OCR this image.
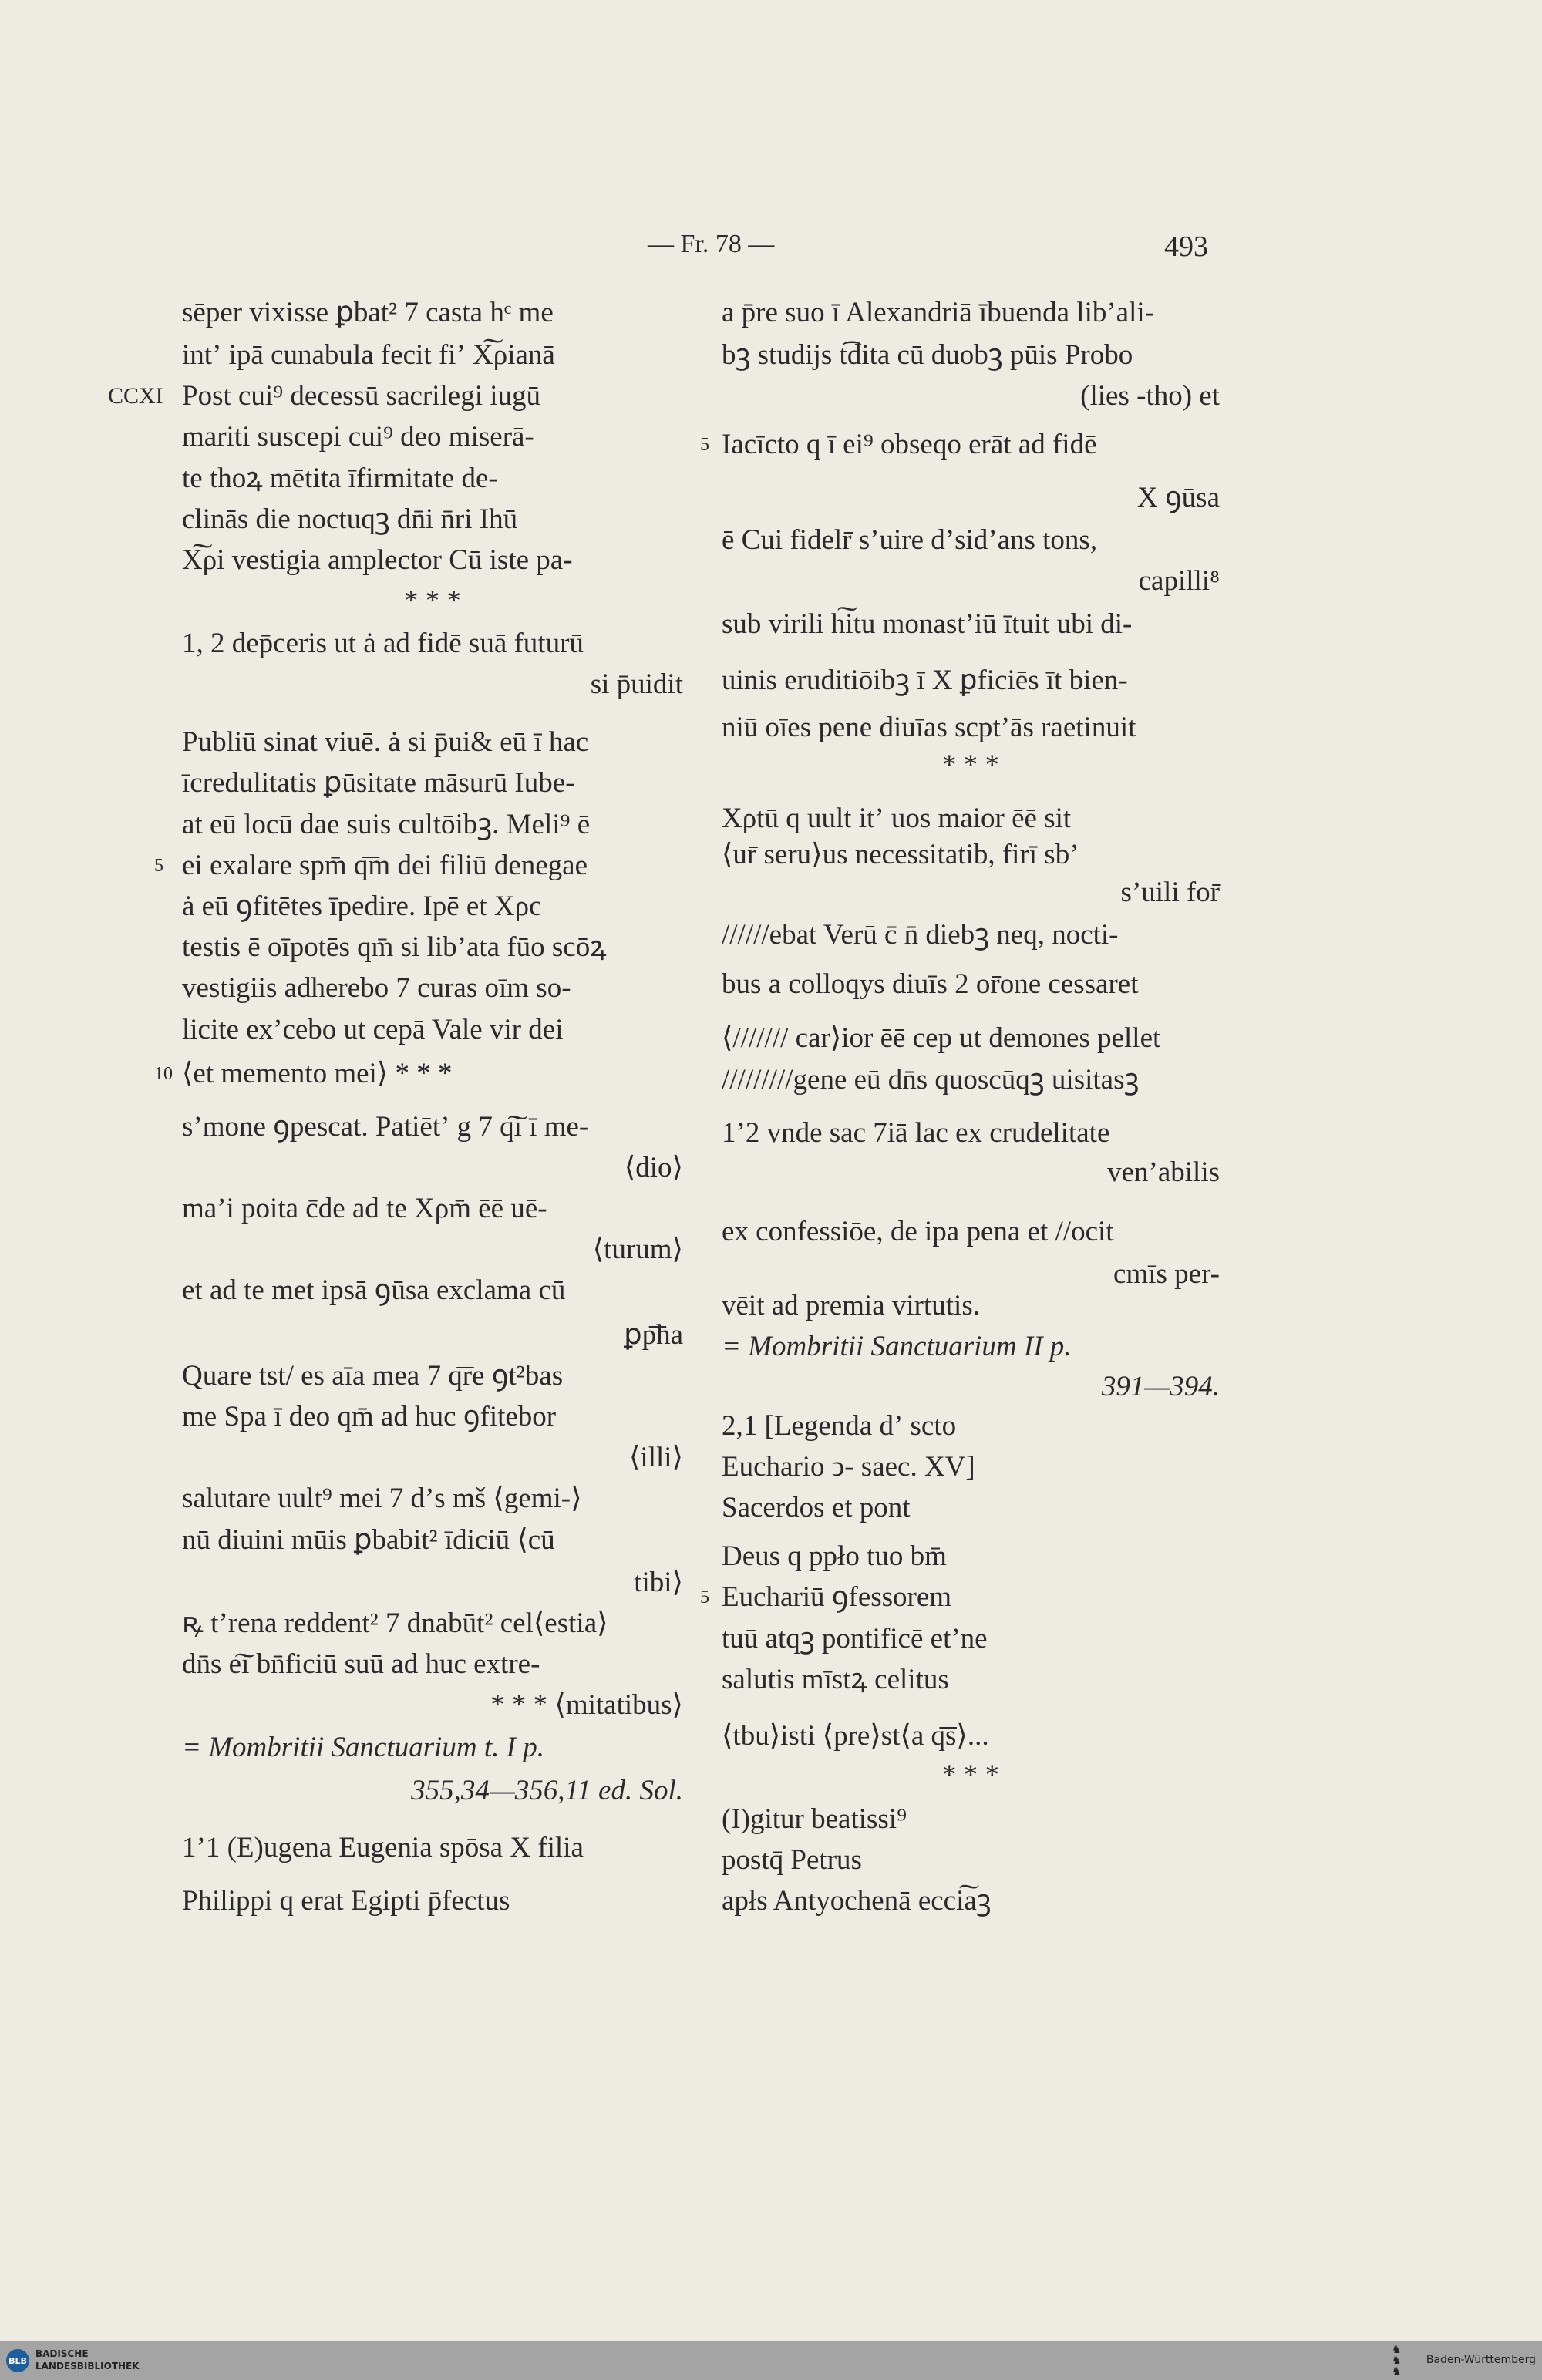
— Fr. 78 —	493
sēper vixisse ꝑbat² 7 casta hᶜ me
intʼ ipā cunabula fecit fiʼ X͠ρianā
Post cui⁹ decessū sacrilegi iugū
CCXI
mariti suscepi cui⁹ deo miserā-
te thoꝝ mētita īfirmitate de-
clinās die noctuqꝫ dn̄i n̄ri Ihū
X͠ρi vestigia amplector Cū iste pa-
* * *
1, 2 dep̄ceris ut ȧ ad fidē suā futurū
si p̄uidit
Publiū sinat viuē. ȧ si p̄ui& eū ī hac
īcredulitatis ꝑūsitate māsurū Iube-
at eū locū dae suis cultōibꝫ. Meli⁹ ē
ei exalare spm̄ q͞m dei filiū denegae
5
ȧ eū ꝯfitētes īpedire. Ipē et Xρc
testis ē oīpotēs qm̄ si libʼata fūo scōꝝ
vestigiis adherebo 7 curas oīm so-
licite exʼcebo ut cepā Vale vir dei
⟨et memento mei⟩ * * *
10
sʼmone ꝯpescat. Patiētʼ g 7 q͠i ī me-
⟨dio⟩
maʼi poita c̄de ad te Xρm̄ ēē uē-
⟨turum⟩
et ad te met ipsā ꝯūsa exclama cū
ꝑp͞ha
Quare tst/ es aīa mea 7 q͞re ꝯt²bas
me Spa ī deo qm̄ ad huc ꝯfitebor
⟨illi⟩
salutare uult⁹ mei 7 dʼs mš ⟨gemi-⟩
nū diuini mūis ꝑbabit² īdiciū ⟨cū
tibi⟩
ꝶ tʼrena reddent² 7 dnabūt² cel⟨estia⟩
dn̄s e͠i bn̄ficiū suū ad huc extre-
* * * ⟨mitatibus⟩
= Mombritii Sanctuarium t. I p.
355,34—356,11 ed. Sol.
1ʼ1 (E)ugena Eugenia spōsa X filia
Philippi q erat Egipti p̄fectus
a p̄re suo ī Alexandriā ībuenda libʼali-
bꝫ studijs t͡dita cū duobꝫ pūis Probo
(lies -tho) et
Iacīcto q ī ei⁹ obseqo erāt ad fidē
5
X ꝯūsa
ē Cui fidelr̄ sʼuire dʼsidʼans tons,
capilli⁸
sub virili h͠itu monastʼiū ītuit ubi di-
uinis eruditiōibꝫ ī X ꝑficiēs īt bien-
niū oīes pene diuīas scptʼās raetinuit
* * *
Xρtū q uult itʼ uos maior ēē sit
⟨ur̄ seru⟩us necessitatib, firī sbʼ
sʼuili for̄
//////ebat Verū c̄ n̄ diebꝫ neq, nocti-
bus a colloqys diuīs 2 or̄one cessaret
⟨/////// car⟩ior ēē cep ut demones pellet
/////////gene eū dn̄s quoscūqꝫ uisitasꝫ
1ʼ2 vnde sac 7iā lac ex crudelitate
venʼabilis
ex confessiōe, de ipa pena et //ocit
cmīs per-
vēit ad premia virtutis.
= Mombritii Sanctuarium II p.
391—394.
2,1 [Legenda dʼ scto
Euchario ↄ- saec. XV]
Sacerdos et pont
Deus q ppło tuo bm̄
Euchariū ꝯfessorem
5
tuū atqꝫ pontificē etʼne
salutis mīstꝝ celitus
⟨tbu⟩isti ⟨pre⟩st⟨a q͞s⟩...
* * *
(I)gitur beatissi⁹
postq̄ Petrus
apłs Antyochenā ecci͠aꝫ
BLB
BADISCHE LANDESBIBLIOTHEK
♞
♞
♞
Baden-Württemberg
